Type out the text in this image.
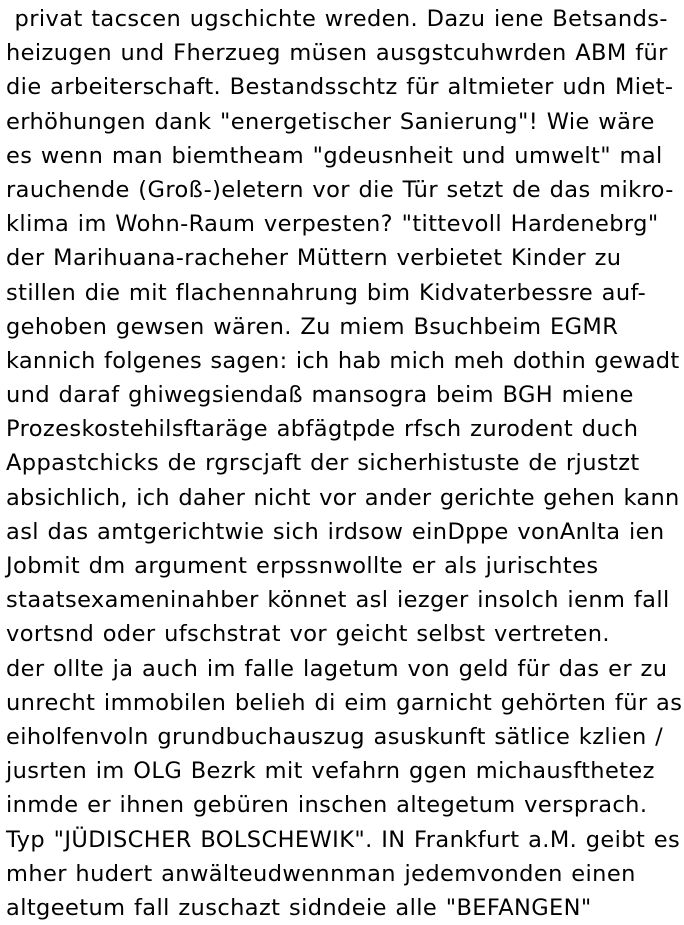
privat tacscen ugschichte wreden. Dazu iene Betsands-
heizugen und Fherzueg müsen ausgstcuhwrden ABM für
die arbeiterschaft. Bestandsschtz für altmieter udn Miet-
erhöhungen dank "energetischer Sanierung"! Wie wäre
es wenn man biemtheam "gdeusnheit und umwelt" mal
rauchende (Groß-)eletern vor die Tür setzt de das mikro-
klima im Wohn-Raum verpesten? "tittevoll Hardenebrg"
der Marihuana-racheher Müttern verbietet Kinder zu
stillen die mit flachennahrung bim Kidvaterbessre auf-
gehoben gewsen wären. Zu miem Bsuchbeim EGMR
kannich folgenes sagen: ich hab mich meh dothin gewadt
und daraf ghiwegsiendaß mansogra beim BGH miene
Prozeskostehilsftaräge abfägtpde rfsch zurodent duch
Appastchicks de rgrscjaft der sicherhistuste de rjustzt
absichlich, ich daher nicht vor ander gerichte gehen kann
asl das amtgerichtwie sich irdsow einDppe vonAnlta ien
Jobmit dm argument erpssnwollte er als jurischtes
staatsexameninahber könnet asl iezger insolch ienm fall
vortsnd oder ufschstrat vor geicht selbst vertreten.
der ollte ja auch im falle lagetum von geld für das er zu
unrecht immobilen belieh di eim garnicht gehörten für as
eiholfenvoln grundbuchauszug asuskunft sätlice kzlien /
jusrten im OLG Bezrk mit vefahrn ggen michausfthetez
inmde er ihnen gebüren inschen altegetum versprach.
Typ "JÜDISCHER BOLSCHEWIK". IN Frankfurt a.M. geibt es
mher hudert anwälteudwennman jedemvonden einen
altgeetum fall zuschazt sidndeie alle "BEFANGEN"
